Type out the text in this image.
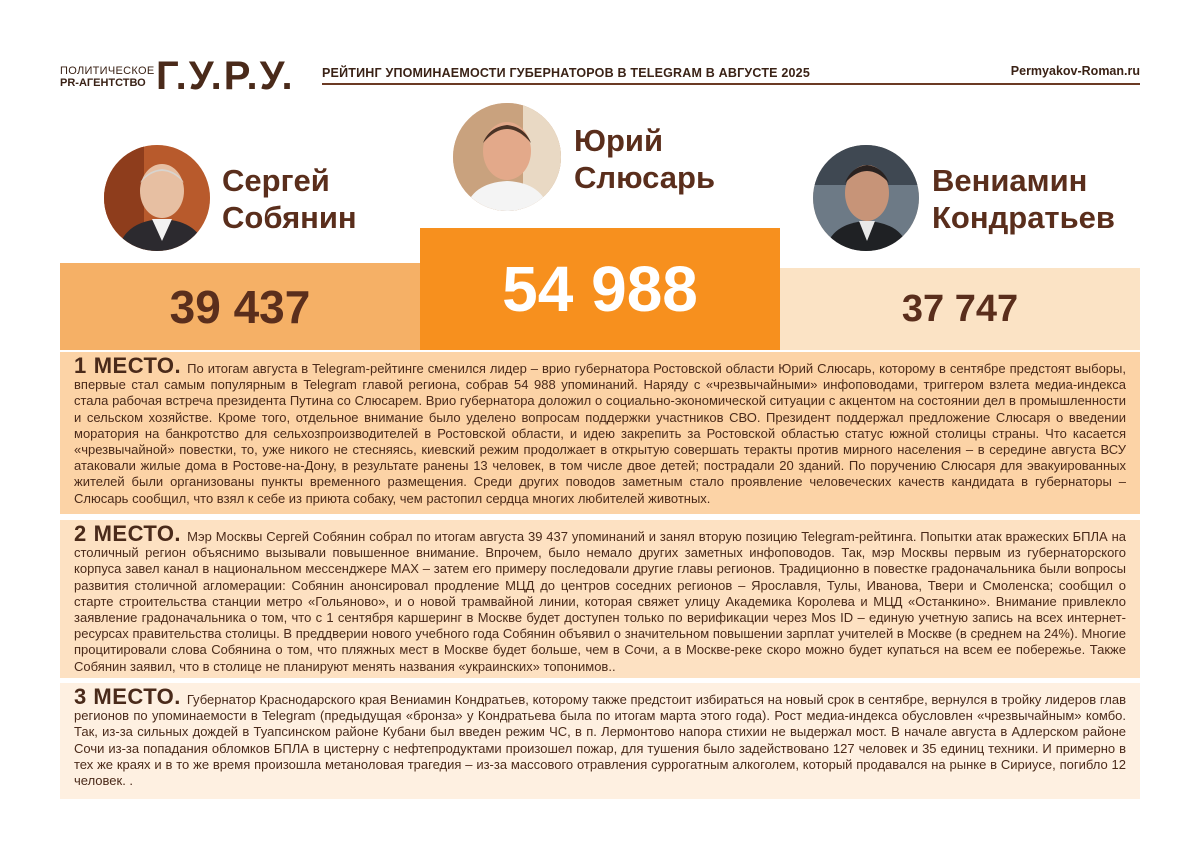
ПОЛИТИЧЕСКОЕ
PR-АГЕНТСТВО Г.У.Р.У. РЕЙТИНГ УПОМИНАЕМОСТИ ГУБЕРНАТОРОВ В TELEGRAM В АВГУСТЕ 2025	Permyakov-Roman.ru
Сергей
Собянин
Юрий
Слюсарь	Вениамин
Кондратьев
39 437	54 988	37 747
1 МЕСТО. По итогам августа в Telegram-рейтинге сменился лидер – врио губернатора Ростовской области Юрий Слюсарь, которому в сентябре предстоят выборы, впервые стал самым популярным в Telegram главой региона, собрав 54 988 упоминаний. Наряду с «чрезвычайными» инфоповодами, триггером взлета медиа-индекса стала рабочая встреча президента Путина со Слюсарем. Врио губернатора доложил о социально-экономической ситуации с акцентом на состоянии дел в промышленности и сельском хозяйстве. Кроме того, отдельное внимание было уделено вопросам поддержки участников СВО. Президент поддержал предложение Слюсаря о введении моратория на банкротство для сельхозпроизводителей в Ростовской области, и идею закрепить за Ростовской областью статус южной столицы страны. Что касается «чрезвычайной» повестки, то, уже никого не стесняясь, киевский режим продолжает в открытую совершать теракты против мирного населения – в середине августа ВСУ атаковали жилые дома в Ростове-на-Дону, в результате ранены 13 человек, в том числе двое детей; пострадали 20 зданий. По поручению Слюсаря для эвакуированных жителей были организованы пункты временного размещения. Среди других поводов заметным стало проявление человеческих качеств кандидата в губернаторы – Слюсарь сообщил, что взял к себе из приюта собаку, чем растопил сердца многих любителей животных.
2 МЕСТО. Мэр Москвы Сергей Собянин собрал по итогам августа 39 437 упоминаний и занял вторую позицию Telegram-рейтинга. Попытки атак вражеских БПЛА на столичный регион объяснимо вызывали повышенное внимание. Впрочем, было немало других заметных инфоповодов. Так, мэр Москвы первым из губернаторского корпуса завел канал в национальном мессенджере MAX – затем его примеру последовали другие главы регионов. Традиционно в повестке градоначальника были вопросы развития столичной агломерации: Собянин анонсировал продление МЦД до центров соседних регионов – Ярославля, Тулы, Иванова, Твери и Смоленска; сообщил о старте строительства станции метро «Гольяново», и о новой трамвайной линии, которая свяжет улицу Академика Королева и МЦД «Останкино». Внимание привлекло заявление градоначальника о том, что с 1 сентября каршеринг в Москве будет доступен только по верификации через Mos ID – единую учетную запись на всех интернет-ресурсах правительства столицы. В преддверии нового учебного года Собянин объявил о значительном повышении зарплат учителей в Москве (в среднем на 24%). Многие процитировали слова Собянина о том, что пляжных мест в Москве будет больше, чем в Сочи, а в Москве-реке скоро можно будет купаться на всем ее побережье. Также Собянин заявил, что в столице не планируют менять названия «украинских» топонимов..
3 МЕСТО. Губернатор Краснодарского края Вениамин Кондратьев, которому также предстоит избираться на новый срок в сентябре, вернулся в тройку лидеров глав регионов по упоминаемости в Telegram (предыдущая «бронза» у Кондратьева была по итогам марта этого года). Рост медиа-индекса обусловлен «чрезвычайным» комбо. Так, из-за сильных дождей в Туапсинском районе Кубани был введен режим ЧС, в п. Лермонтово напора стихии не выдержал мост. В начале августа в Адлерском районе Сочи из-за попадания обломков БПЛА в цистерну с нефтепродуктами произошел пожар, для тушения было задействовано 127 человек и 35 единиц техники. И примерно в тех же краях и в то же время произошла метаноловая трагедия – из-за массового отравления суррогатным алкоголем, который продавался на рынке в Сириусе, погибло 12 человек. .
